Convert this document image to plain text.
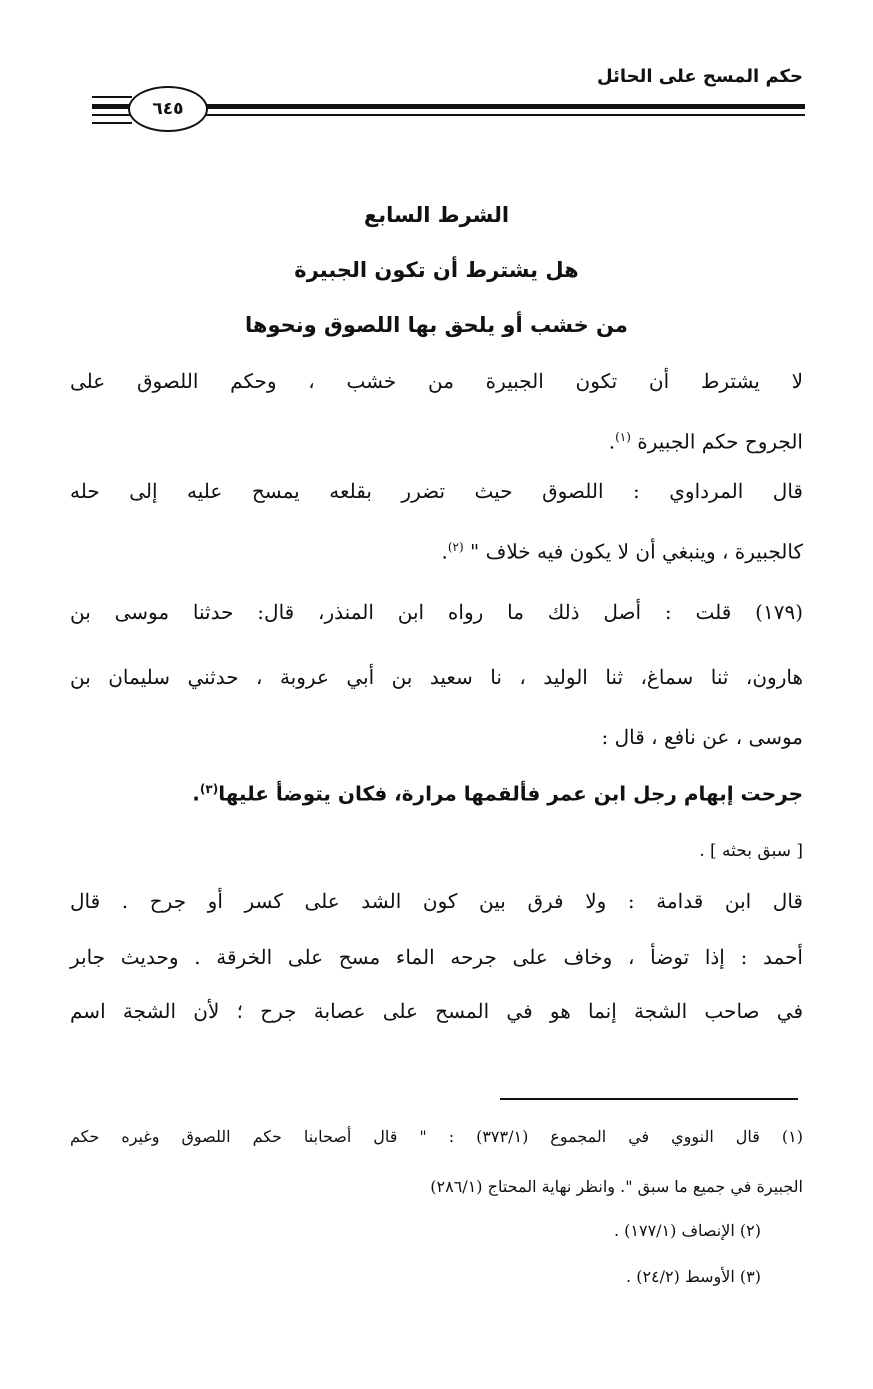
حكم المسح على الحائل
٦٤٥
الشرط السابع
هل يشترط أن تكون الجبيرة
من خشب أو يلحق بها اللصوق ونحوها
لا يشترط أن تكون الجبيرة من خشب ، وحكم اللصوق على
الجروح حكم الجبيرة $^{(١)}$.
قال المرداوي : اللصوق حيث تضرر بقلعه يمسح عليه إلى حله
كالجبيرة ، وينبغي أن لا يكون فيه خلاف " $^{(٢)}$.
(١٧٩) قلت : أصل ذلك ما رواه ابن المنذر، قال: حدثنا موسى بن
هارون، ثنا سماغ، ثنا الوليد ، نا سعيد بن أبي عروبة ، حدثني سليمان بن
موسى ، عن نافع ، قال :
جرحت إبهام رجل ابن عمر فألقمها مرارة، فكان يتوضأ عليها$^{(٣)}$.
[ سبق بحثه ] .
قال ابن قدامة : ولا فرق بين كون الشد على كسر أو جرح . قال
أحمد : إذا توضأ ، وخاف على جرحه الماء مسح على الخرقة . وحديث جابر
في صاحب الشجة إنما هو في المسح على عصابة جرح ؛ لأن الشجة اسم
(١) قال النووي في المجموع (٣٧٣/١) : " قال أصحابنا حكم اللصوق وغيره حكم
الجبيرة في جميع ما سبق ". وانظر نهاية المحتاج (٢٨٦/١)
(٢) الإنصاف (١٧٧/١) .
(٣) الأوسط (٢٤/٢) .
